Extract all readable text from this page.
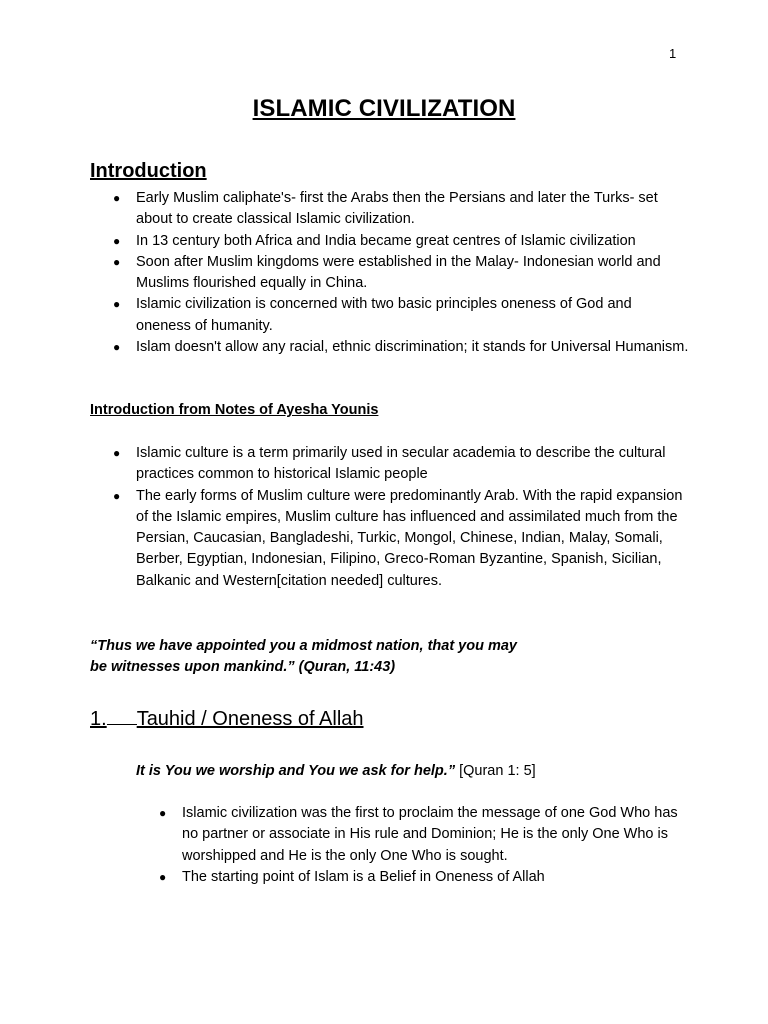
1
ISLAMIC CIVILIZATION
Introduction
● Early Muslim caliphate's- first the Arabs then the Persians and later the Turks- set about to create classical Islamic civilization.
● In 13 century both Africa and India became great centres of Islamic civilization
● Soon after Muslim kingdoms were established in the Malay- Indonesian world and Muslims flourished equally in China.
● Islamic civilization is concerned with two basic principles oneness of God and oneness of humanity.
● Islam doesn't allow any racial, ethnic discrimination; it stands for Universal Humanism.
Introduction from Notes of Ayesha Younis
● Islamic culture is a term primarily used in secular academia to describe the cultural practices common to historical Islamic people
● The early forms of Muslim culture were predominantly Arab. With the rapid expansion of the Islamic empires, Muslim culture has influenced and assimilated much from the Persian, Caucasian, Bangladeshi, Turkic, Mongol, Chinese, Indian, Malay, Somali, Berber, Egyptian, Indonesian, Filipino, Greco-Roman Byzantine, Spanish, Sicilian, Balkanic and Western[citation needed] cultures.
“Thus we have appointed you a midmost nation, that you may
be witnesses upon mankind.” (Quran, 11:43)
1. Tauhid / Oneness of Allah
It is You we worship and You we ask for help.” [Quran 1: 5]
● Islamic civilization was the first to proclaim the message of one God Who has no partner or associate in His rule and Dominion; He is the only One Who is worshipped and He is the only One Who is sought.
● The starting point of Islam is a Belief in Oneness of Allah
